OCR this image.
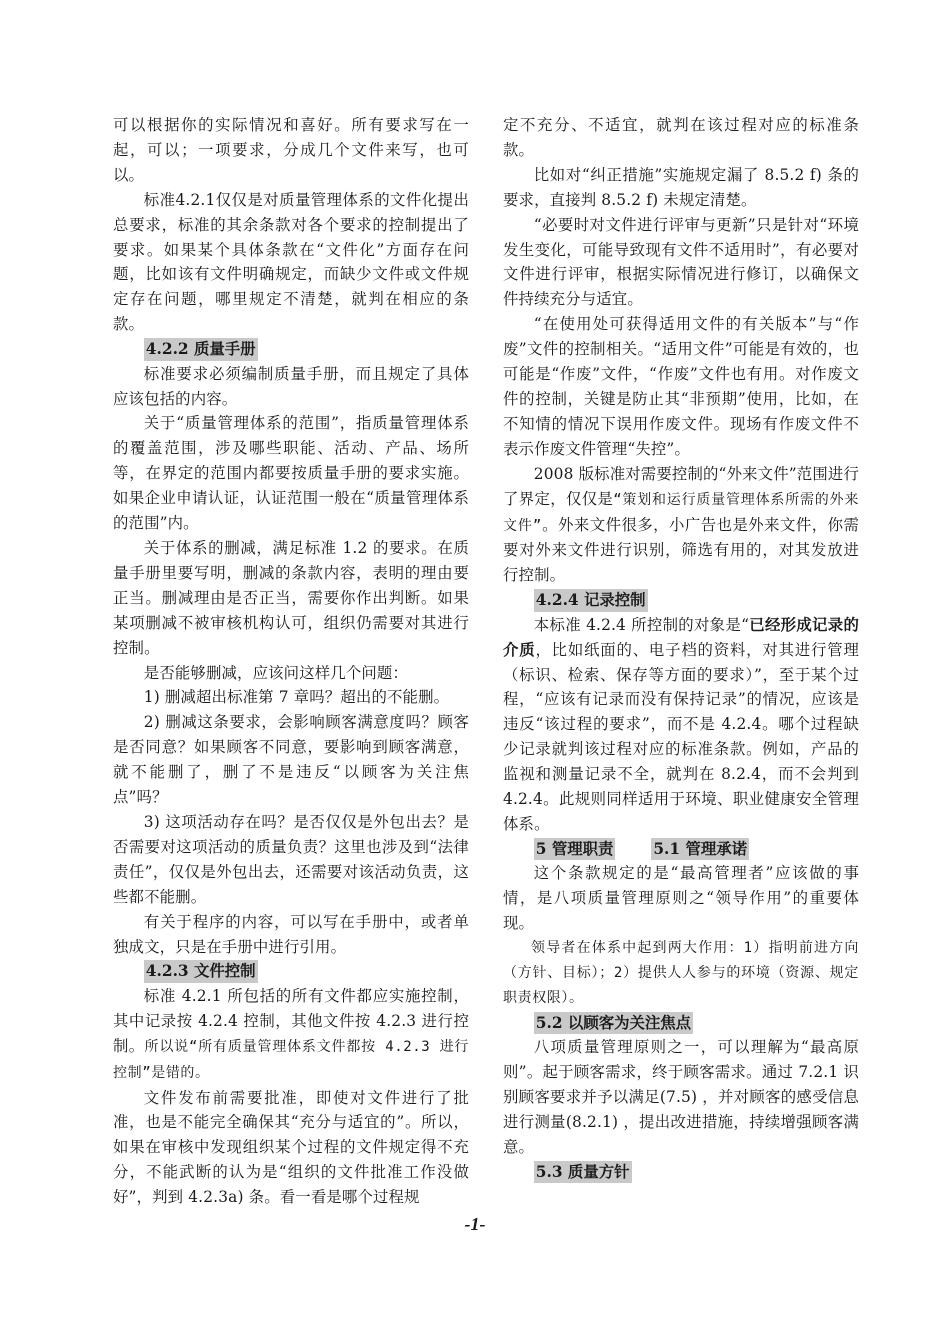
可以根据你的实际情况和喜好。所有要求写在一起，可以；一项要求，分成几个文件来写，也可以。

标准4.2.1仅仅是对质量管理体系的文件化提出总要求，标准的其余条款对各个要求的控制提出了要求。如果某个具体条款在“文件化”方面存在问题，比如该有文件明确规定，而缺少文件或文件规定存在问题，哪里规定不清楚，就判在相应的条款。

4.2.2 质量手册

标准要求必须编制质量手册，而且规定了具体应该包括的内容。

关于“质量管理体系的范围”，指质量管理体系的覆盖范围，涉及哪些职能、活动、产品、场所等，在界定的范围内都要按质量手册的要求实施。如果企业申请认证，认证范围一般在“质量管理体系的范围”内。

关于体系的删减，满足标准 1.2 的要求。在质量手册里要写明，删减的条款内容，表明的理由要正当。删减理由是否正当，需要你作出判断。如果某项删减不被审核机构认可，组织仍需要对其进行控制。

是否能够删减，应该问这样几个问题：

1) 删减超出标准第 7 章吗？超出的不能删。

2) 删减这条要求，会影响顾客满意度吗？顾客是否同意？如果顾客不同意，要影响到顾客满意，就不能删了，删了不是违反“以顾客为关注焦点”吗？

3) 这项活动存在吗？是否仅仅是外包出去？是否需要对这项活动的质量负责？这里也涉及到“法律责任”，仅仅是外包出去，还需要对该活动负责，这些都不能删。

有关于程序的内容，可以写在手册中，或者单独成文，只是在手册中进行引用。

4.2.3 文件控制

标准 4.2.1 所包括的所有文件都应实施控制，其中记录按 4.2.4 控制，其他文件按 4.2.3 进行控制。所以说“所有质量管理体系文件都按 4.2.3 进行控制”是错的。

文件发布前需要批准，即使对文件进行了批准，也是不能完全确保其“充分与适宜的”。所以，如果在审核中发现组织某个过程的文件规定得不充分，不能武断的认为是“组织的文件批准工作没做好”，判到 4.2.3a) 条。看一看是哪个过程规

定不充分、不适宜，就判在该过程对应的标准条款。

比如对“纠正措施”实施规定漏了 8.5.2 f) 条的要求，直接判 8.5.2 f) 未规定清楚。

“必要时对文件进行评审与更新”只是针对“环境发生变化，可能导致现有文件不适用时”，有必要对文件进行评审，根据实际情况进行修订，以确保文件持续充分与适宜。

“在使用处可获得适用文件的有关版本”与“作废”文件的控制相关。“适用文件”可能是有效的，也可能是“作废”文件，“作废”文件也有用。对作废文件的控制，关键是防止其“非预期”使用，比如，在不知情的情况下误用作废文件。现场有作废文件不表示作废文件管理“失控”。

2008 版标准对需要控制的“外来文件”范围进行了界定，仅仅是“策划和运行质量管理体系所需的外来文件”。外来文件很多，小广告也是外来文件，你需要对外来文件进行识别，筛选有用的，对其发放进行控制。

4.2.4 记录控制

本标准 4.2.4 所控制的对象是“已经形成记录的介质，比如纸面的、电子档的资料，对其进行管理（标识、检索、保存等方面的要求）”，至于某个过程，“应该有记录而没有保持记录”的情况，应该是违反“该过程的要求”，而不是 4.2.4。哪个过程缺少记录就判该过程对应的标准条款。例如，产品的监视和测量记录不全，就判在 8.2.4，而不会判到 4.2.4。此规则同样适用于环境、职业健康安全管理体系。

5 管理职责	5.1 管理承诺

这个条款规定的是“最高管理者”应该做的事情，是八项质量管理原则之“领导作用”的重要体现。

领导者在体系中起到两大作用：1）指明前进方向（方针、目标）；2）提供人人参与的环境（资源、规定职责权限）。

5.2 以顾客为关注焦点

八项质量管理原则之一，可以理解为“最高原则”。起于顾客需求，终于顾客需求。通过 7.2.1 识别顾客要求并予以满足(7.5) ，并对顾客的感受信息进行测量(8.2.1) ，提出改进措施，持续增强顾客满意。

5.3 质量方针
-1-
